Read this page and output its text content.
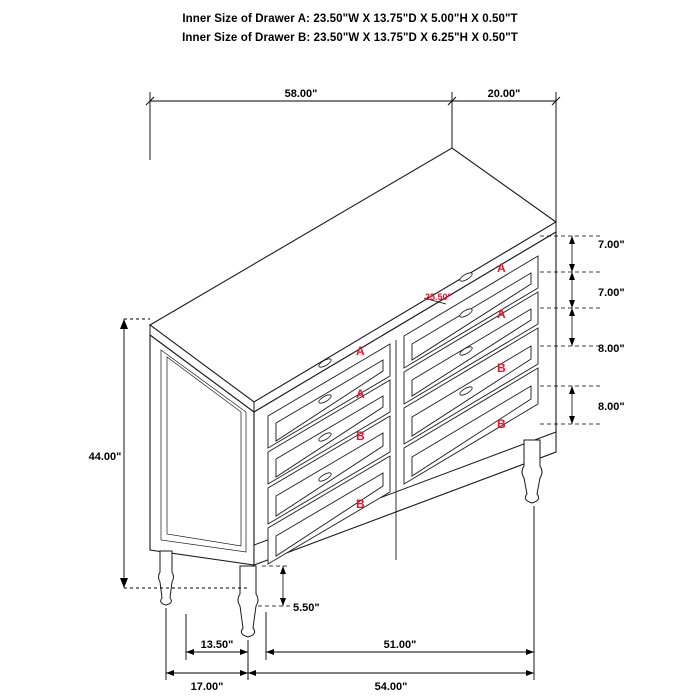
Inner Size of Drawer A: 23.50"W X 13.75"D X 5.00"H X 0.50"T
Inner Size of Drawer B: 23.50"W X 13.75"D X 6.25"H X 0.50"T
58.00"	20.00"
44.00"
7.00"
7.00"
8.00"
8.00"
5.50"
13.50"	51.00"
17.00"	54.00"
25.50"
A
A
B
B
A
A
B
B
